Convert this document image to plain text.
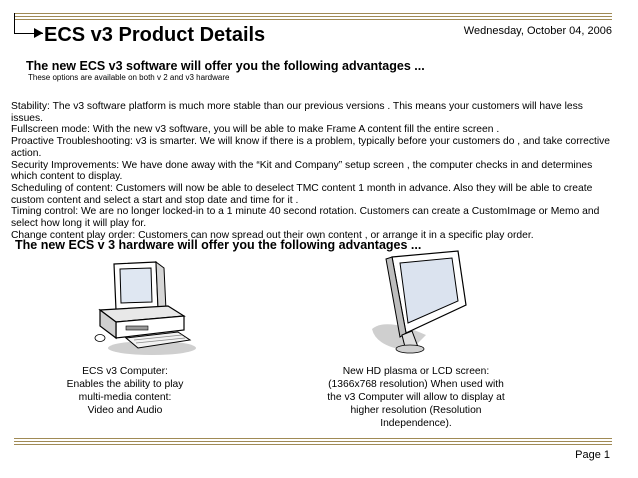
ECS v3 Product Details	Wednesday, October 04, 2006
The new ECS v3 software will offer you the following advantages ...
These options are available on both v 2 and v3 hardware

Stability: The v3 software platform is much more stable than our previous versions . This means your customers will have less issues.

Fullscreen mode: With the new v3 software, you will be able to make Frame A content fill the entire screen .

Proactive Troubleshooting: v3 is smarter. We will know if there is a problem, typically before your customers do , and take corrective action.

Security Improvements: We have done away with the “Kit and Company” setup screen , the computer checks in and determines which content to display.

Scheduling of content: Customers will now be able to deselect TMC content 1 month in advance. Also they will be able to create custom content and select a start and stop date and time for it .

Timing control: We are no longer locked-in to a 1 minute 40 second rotation. Customers can create a CustomImage or Memo and select how long it will play for.

Change content play order: Customers can now spread out their own content , or arrange it in a specific play order.

The new ECS v 3 hardware will offer you the following advantages ...
ECS v3 Computer: Enables the ability to play multi-media content: Video and Audio
New HD plasma or LCD screen: (1366x768 resolution) When used with the v3 Computer will allow to display at higher resolution (Resolution Independence).
Page 1
